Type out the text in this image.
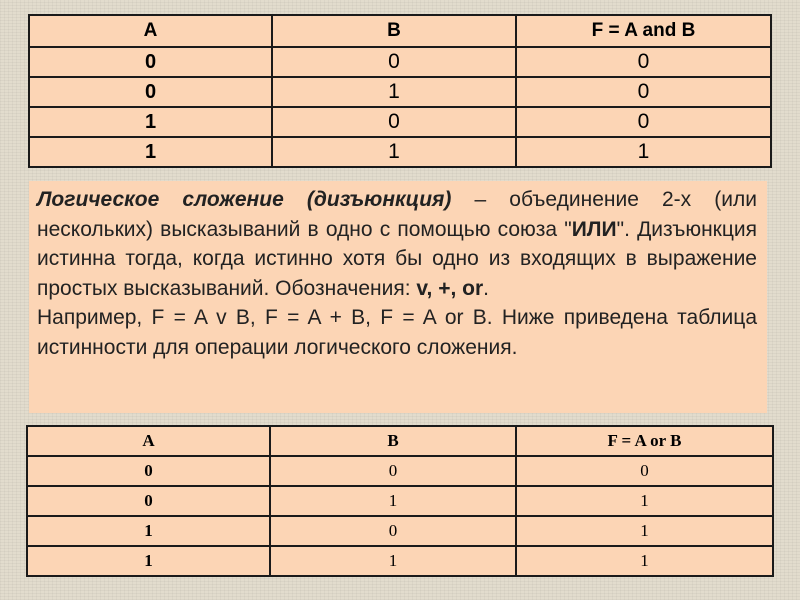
A	B	F = A and B
0	0	0
0	1	0
1	0	0
1	1	1

Логическое сложение (дизъюнкция) – объединение 2-х (или нескольких) высказываний в одно с помощью союза "ИЛИ". Дизъюнкция истинна тогда, когда истинно хотя бы одно из входящих в выражение простых высказываний. Обозначения: v, +, or.

Например, F = A v B, F = A + B, F = A or B. Ниже приведена таблица истинности для операции логического сложения.

A	B	F = A or B
0	0	0
0	1	1
1	0	1
1	1	1
